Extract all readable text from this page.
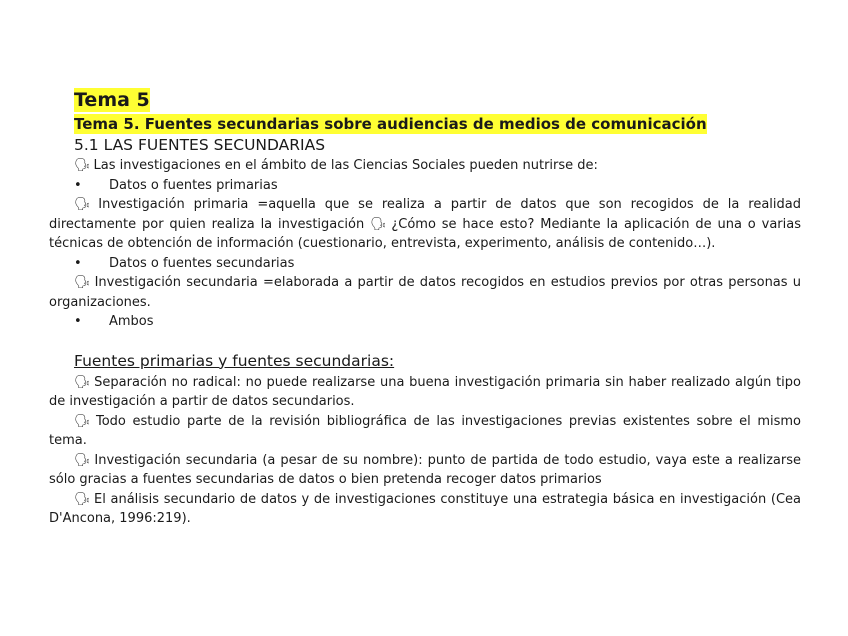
Tema 5
Tema 5. Fuentes secundarias sobre audiencias de medios de comunicación
5.1 LAS FUENTES SECUNDARIAS

🗣 Las investigaciones en el ámbito de las Ciencias Sociales pueden nutrirse de:

• Datos o fuentes primarias

🗣 Investigación primaria =aquella que se realiza a partir de datos que son recogidos de la realidad directamente por quien realiza la investigación 🗣 ¿Cómo se hace esto? Mediante la aplicación de una o varias técnicas de obtención de información (cuestionario, entrevista, experimento, análisis de contenido…).

• Datos o fuentes secundarias

🗣 Investigación secundaria =elaborada a partir de datos recogidos en estudios previos por otras personas u organizaciones.

• Ambos
Fuentes primarias y fuentes secundarias:

🗣 Separación no radical: no puede realizarse una buena investigación primaria sin haber realizado algún tipo de investigación a partir de datos secundarios.

🗣 Todo estudio parte de la revisión bibliográfica de las investigaciones previas existentes sobre el mismo tema.

🗣 Investigación secundaria (a pesar de su nombre): punto de partida de todo estudio, vaya este a realizarse sólo gracias a fuentes secundarias de datos o bien pretenda recoger datos primarios

🗣 El análisis secundario de datos y de investigaciones constituye una estrategia básica en investigación (Cea D'Ancona, 1996:219).
